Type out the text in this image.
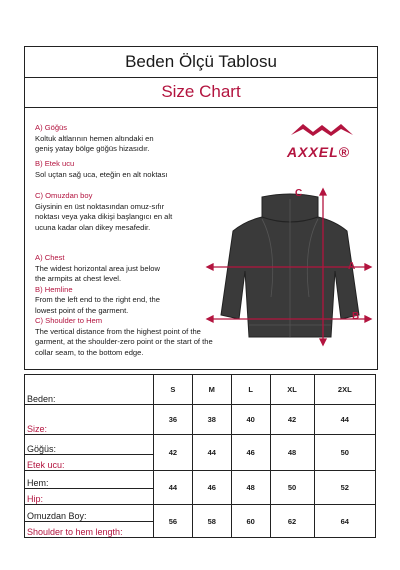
Beden Ölçü Tablosu
Size Chart
A) Göğüs
Koltuk altlarının hemen altındaki en geniş yatay bölge göğüs hizasıdır.
B) Etek ucu
Sol uçtan sağ uca, eteğin en alt noktası
C) Omuzdan boy
Giysinin en üst noktasından omuz-sıfır noktası veya yaka dikişi başlangıcı en alt ucuna kadar olan dikey mesafedir.
A) Chest
The widest horizontal area just below the armpits at chest level.
B) Hemline
From the left end to the right end, the lowest point of the garment.
C) Shoulder to Hem
The vertical distance from the highest point of the garment, at the shoulder-zero point or the start of the collar seam, to the bottom edge.
AXXEL®
C
A
B
Beden:	S	M	L	XL	2XL
Size:	36	38	40	42	44
Göğüs:	42	44	46	48	50
Etek ucu:					
Hem:	44	46	48	50	52
Hip:					
Omuzdan Boy:	56	58	60	62	64
Shoulder to hem length:					
